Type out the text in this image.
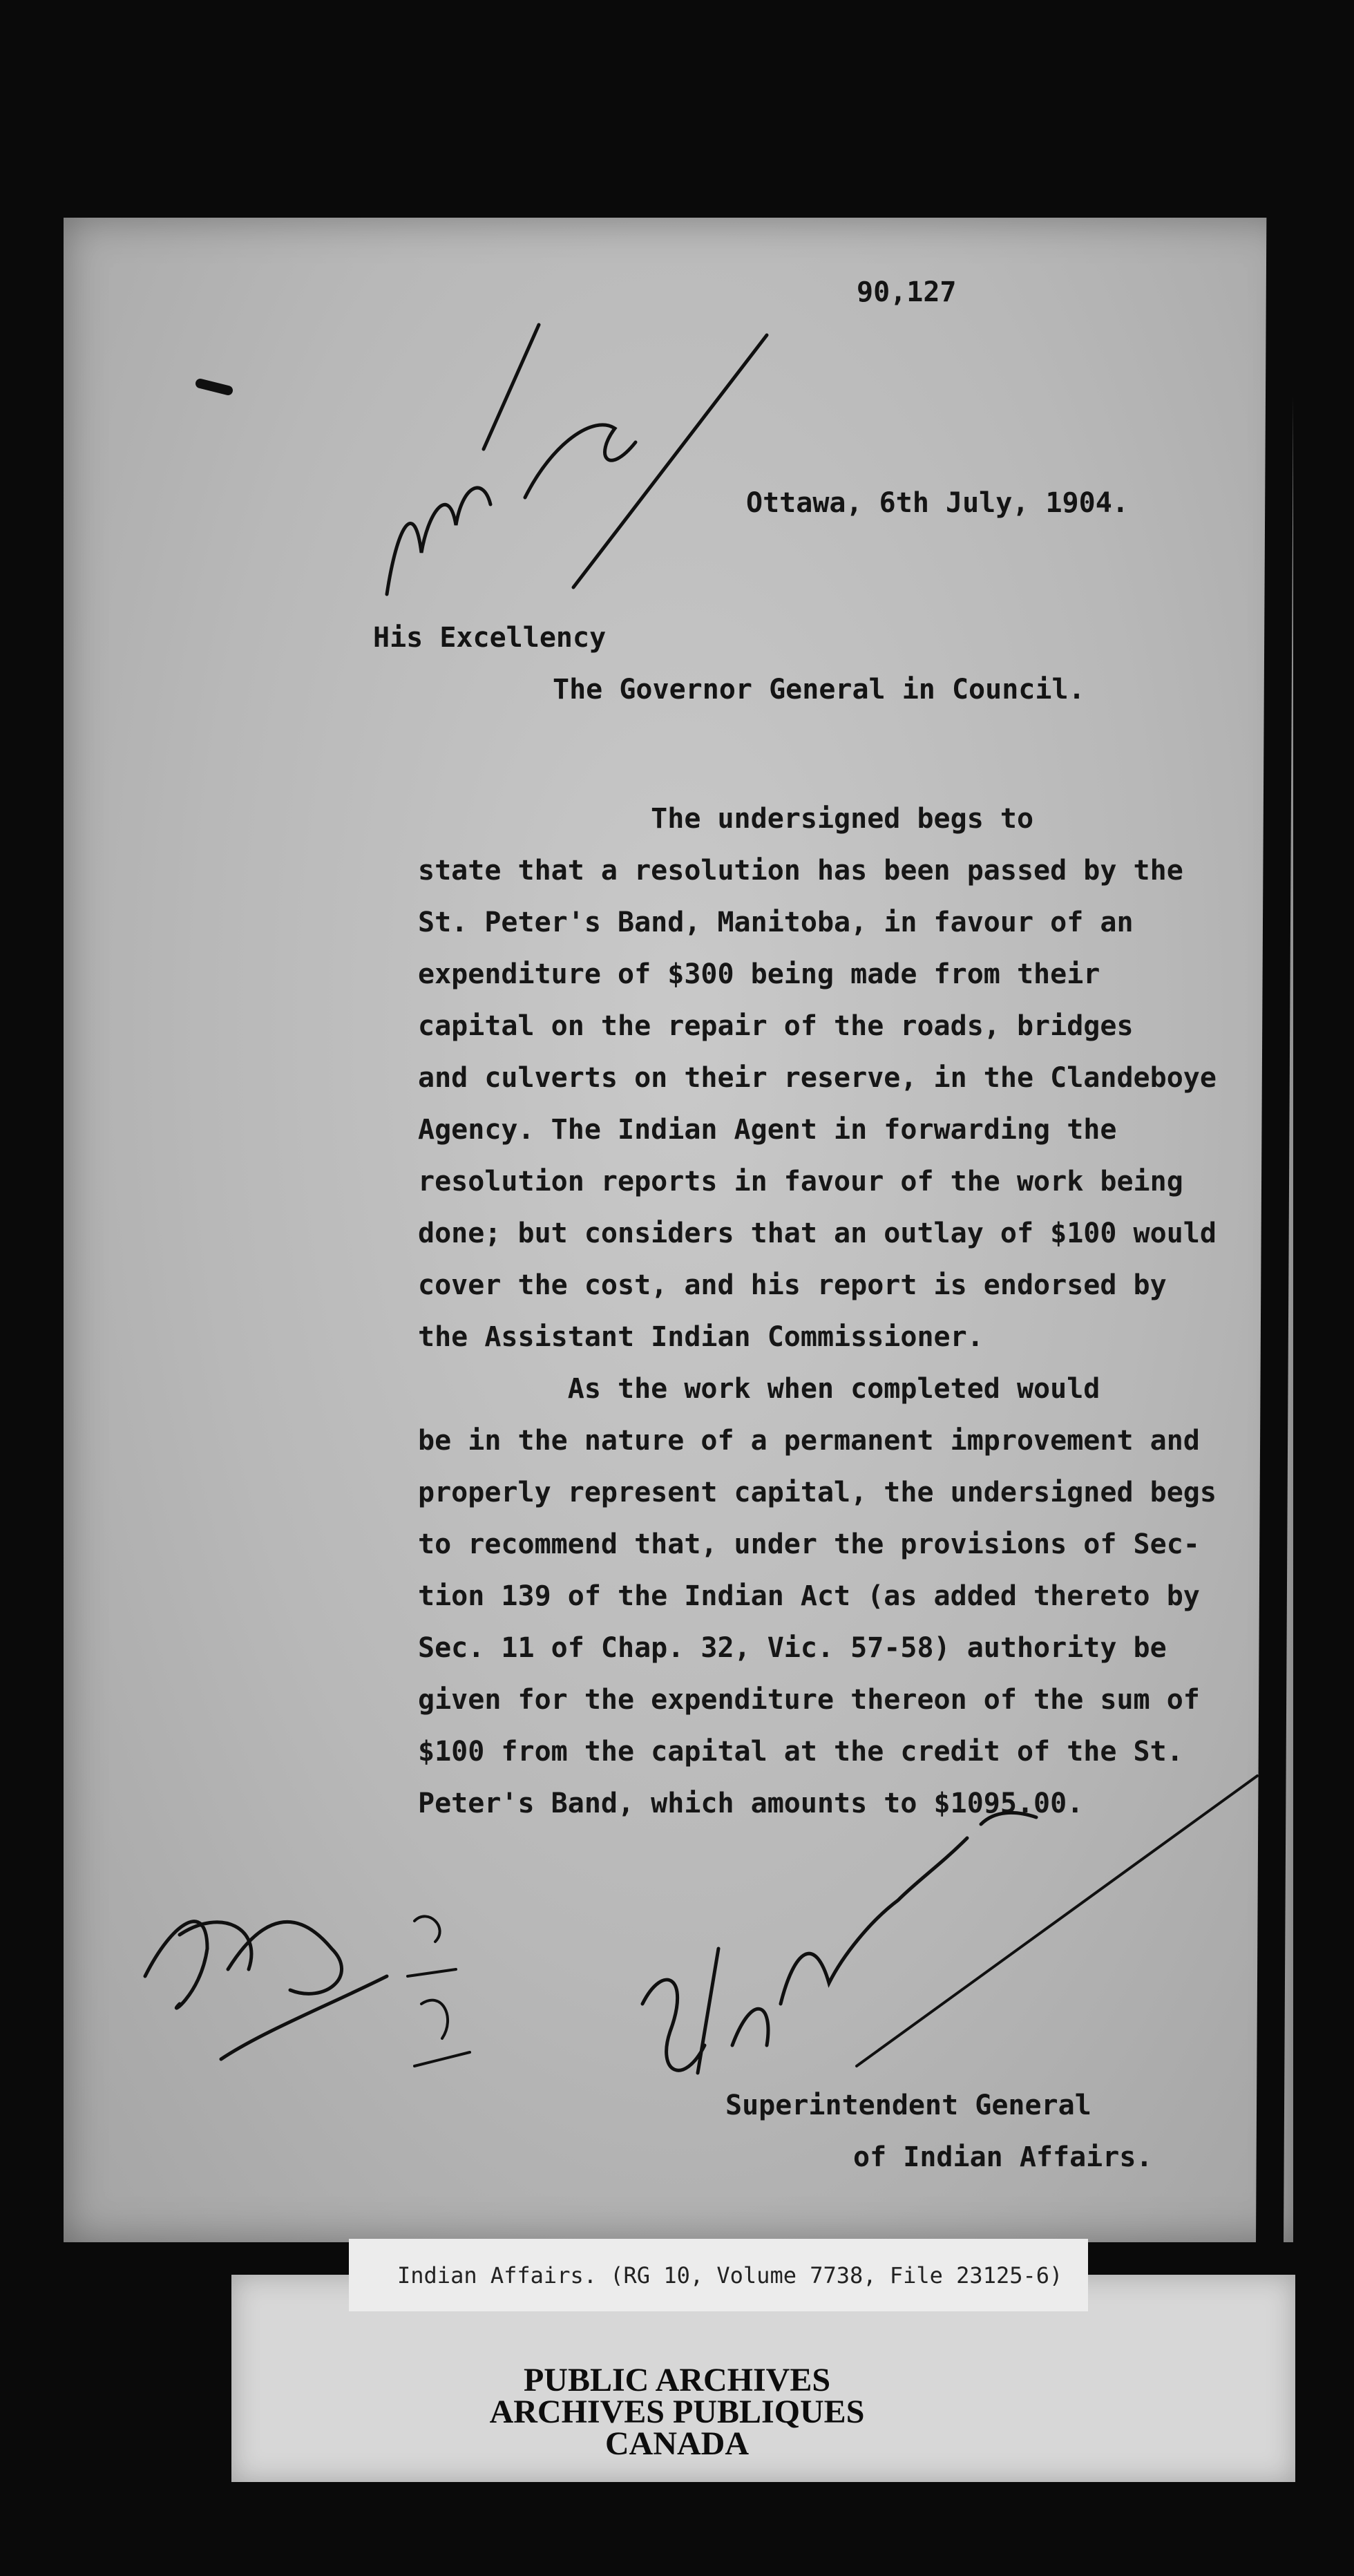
90,127
Ottawa, 6th July, 1904.
His Excellency
The Governor General in Council.
The undersigned begs to
state that a resolution has been passed by the
St. Peter's Band, Manitoba, in favour of an
expenditure of $300 being made from their
capital on the repair of the roads, bridges
and culverts on their reserve, in the Clandeboye
Agency. The Indian Agent in forwarding the
resolution reports in favour of the work being
done; but considers that an outlay of $100 would
cover the cost, and his report is endorsed by
the Assistant Indian Commissioner.
As the work when completed would
be in the nature of a permanent improvement and
properly represent capital, the undersigned begs
to recommend that, under the provisions of Sec-
tion 139 of the Indian Act (as added thereto by
Sec. 11 of Chap. 32, Vic. 57-58) authority be
given for the expenditure thereon of the sum of
$100 from the capital at the credit of the St.
Peter's Band, which amounts to $1095.00.

Superintendent General

of Indian Affairs.

Indian Affairs. (RG 10, Volume 7738, File 23125-6)
PUBLIC ARCHIVES
ARCHIVES PUBLIQUES
CANADA
